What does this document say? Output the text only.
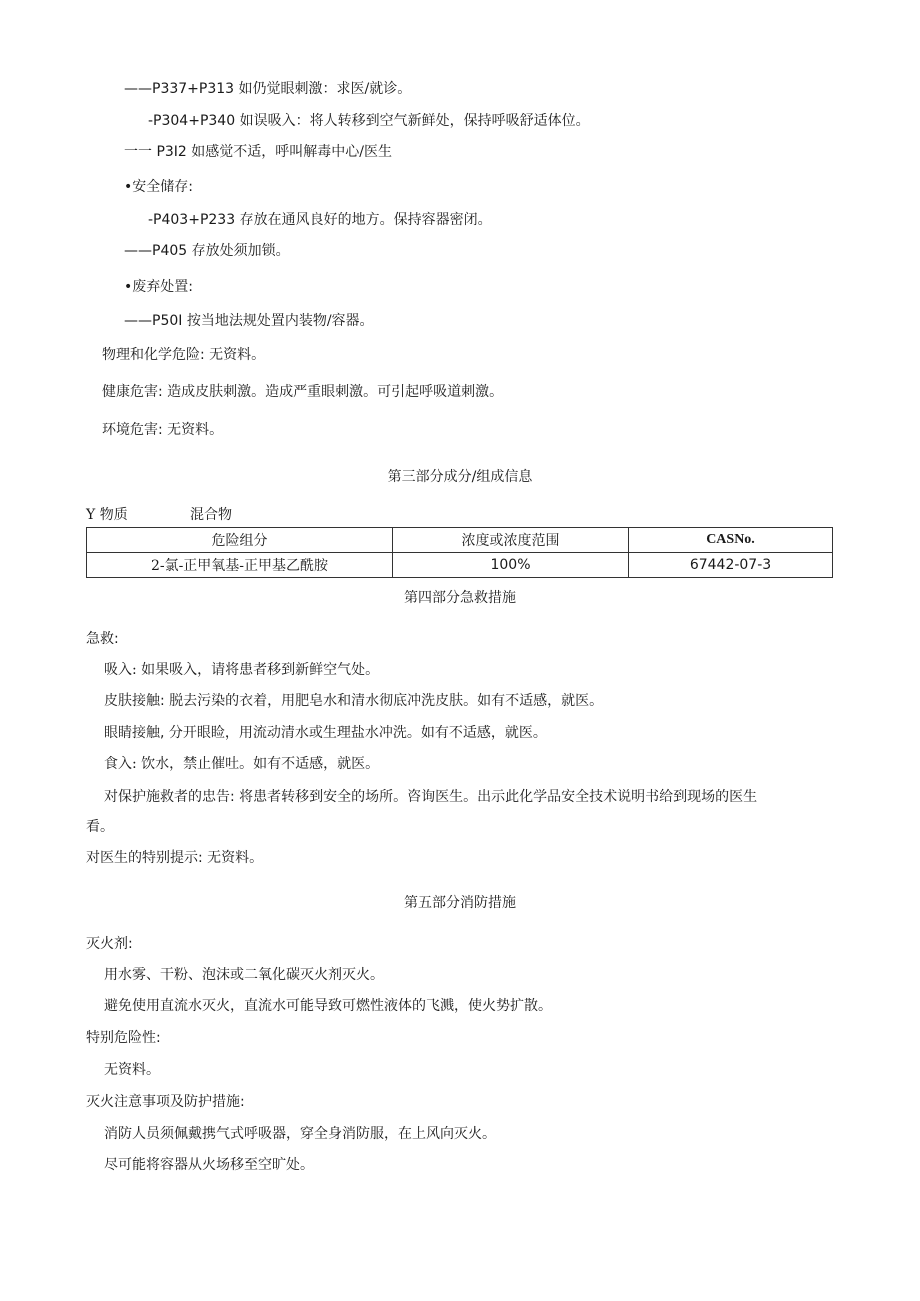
——P337+P313 如仍觉眼刺激：求医/就诊。
-P304+P340 如误吸入：将人转移到空气新鲜处，保持呼吸舒适体位。
一一 P3I2 如感觉不适，呼叫解毒中心/医生
•安全储存:
-P403+P233 存放在通风良好的地方。保持容器密闭。
——P405 存放处须加锁。
•废弃处置:
——P50I 按当地法规处置内装物/容器。
物理和化学危险: 无资料。
健康危害: 造成皮肤刺激。造成严重眼刺激。可引起呼吸道刺激。
环境危害: 无资料。
第三部分成分/组成信息
Y 物质	混合物
危险组分	浓度或浓度范围	CASNo.
2-氯-正甲氧基-正甲基乙酰胺	100%	67442-07-3
第四部分急救措施
急救:
吸入: 如果吸入，请将患者移到新鲜空气处。
皮肤接触: 脱去污染的衣着，用肥皂水和清水彻底冲洗皮肤。如有不适感，就医。
眼睛接触, 分开眼睑，用流动清水或生理盐水冲洗。如有不适感，就医。
食入: 饮水，禁止催吐。如有不适感，就医。
对保护施救者的忠告: 将患者转移到安全的场所。咨询医生。出示此化学品安全技术说明书给到现场的医生
看。
对医生的特别提示: 无资料。
第五部分消防措施
灭火剂:
用水雾、干粉、泡沫或二氧化碳灭火剂灭火。
避免使用直流水灭火，直流水可能导致可燃性液体的飞溅，使火势扩散。
特别危险性:
无资料。
灭火注意事项及防护措施:
消防人员须佩戴携气式呼吸器，穿全身消防服，在上风向灭火。
尽可能将容器从火场移至空旷处。
